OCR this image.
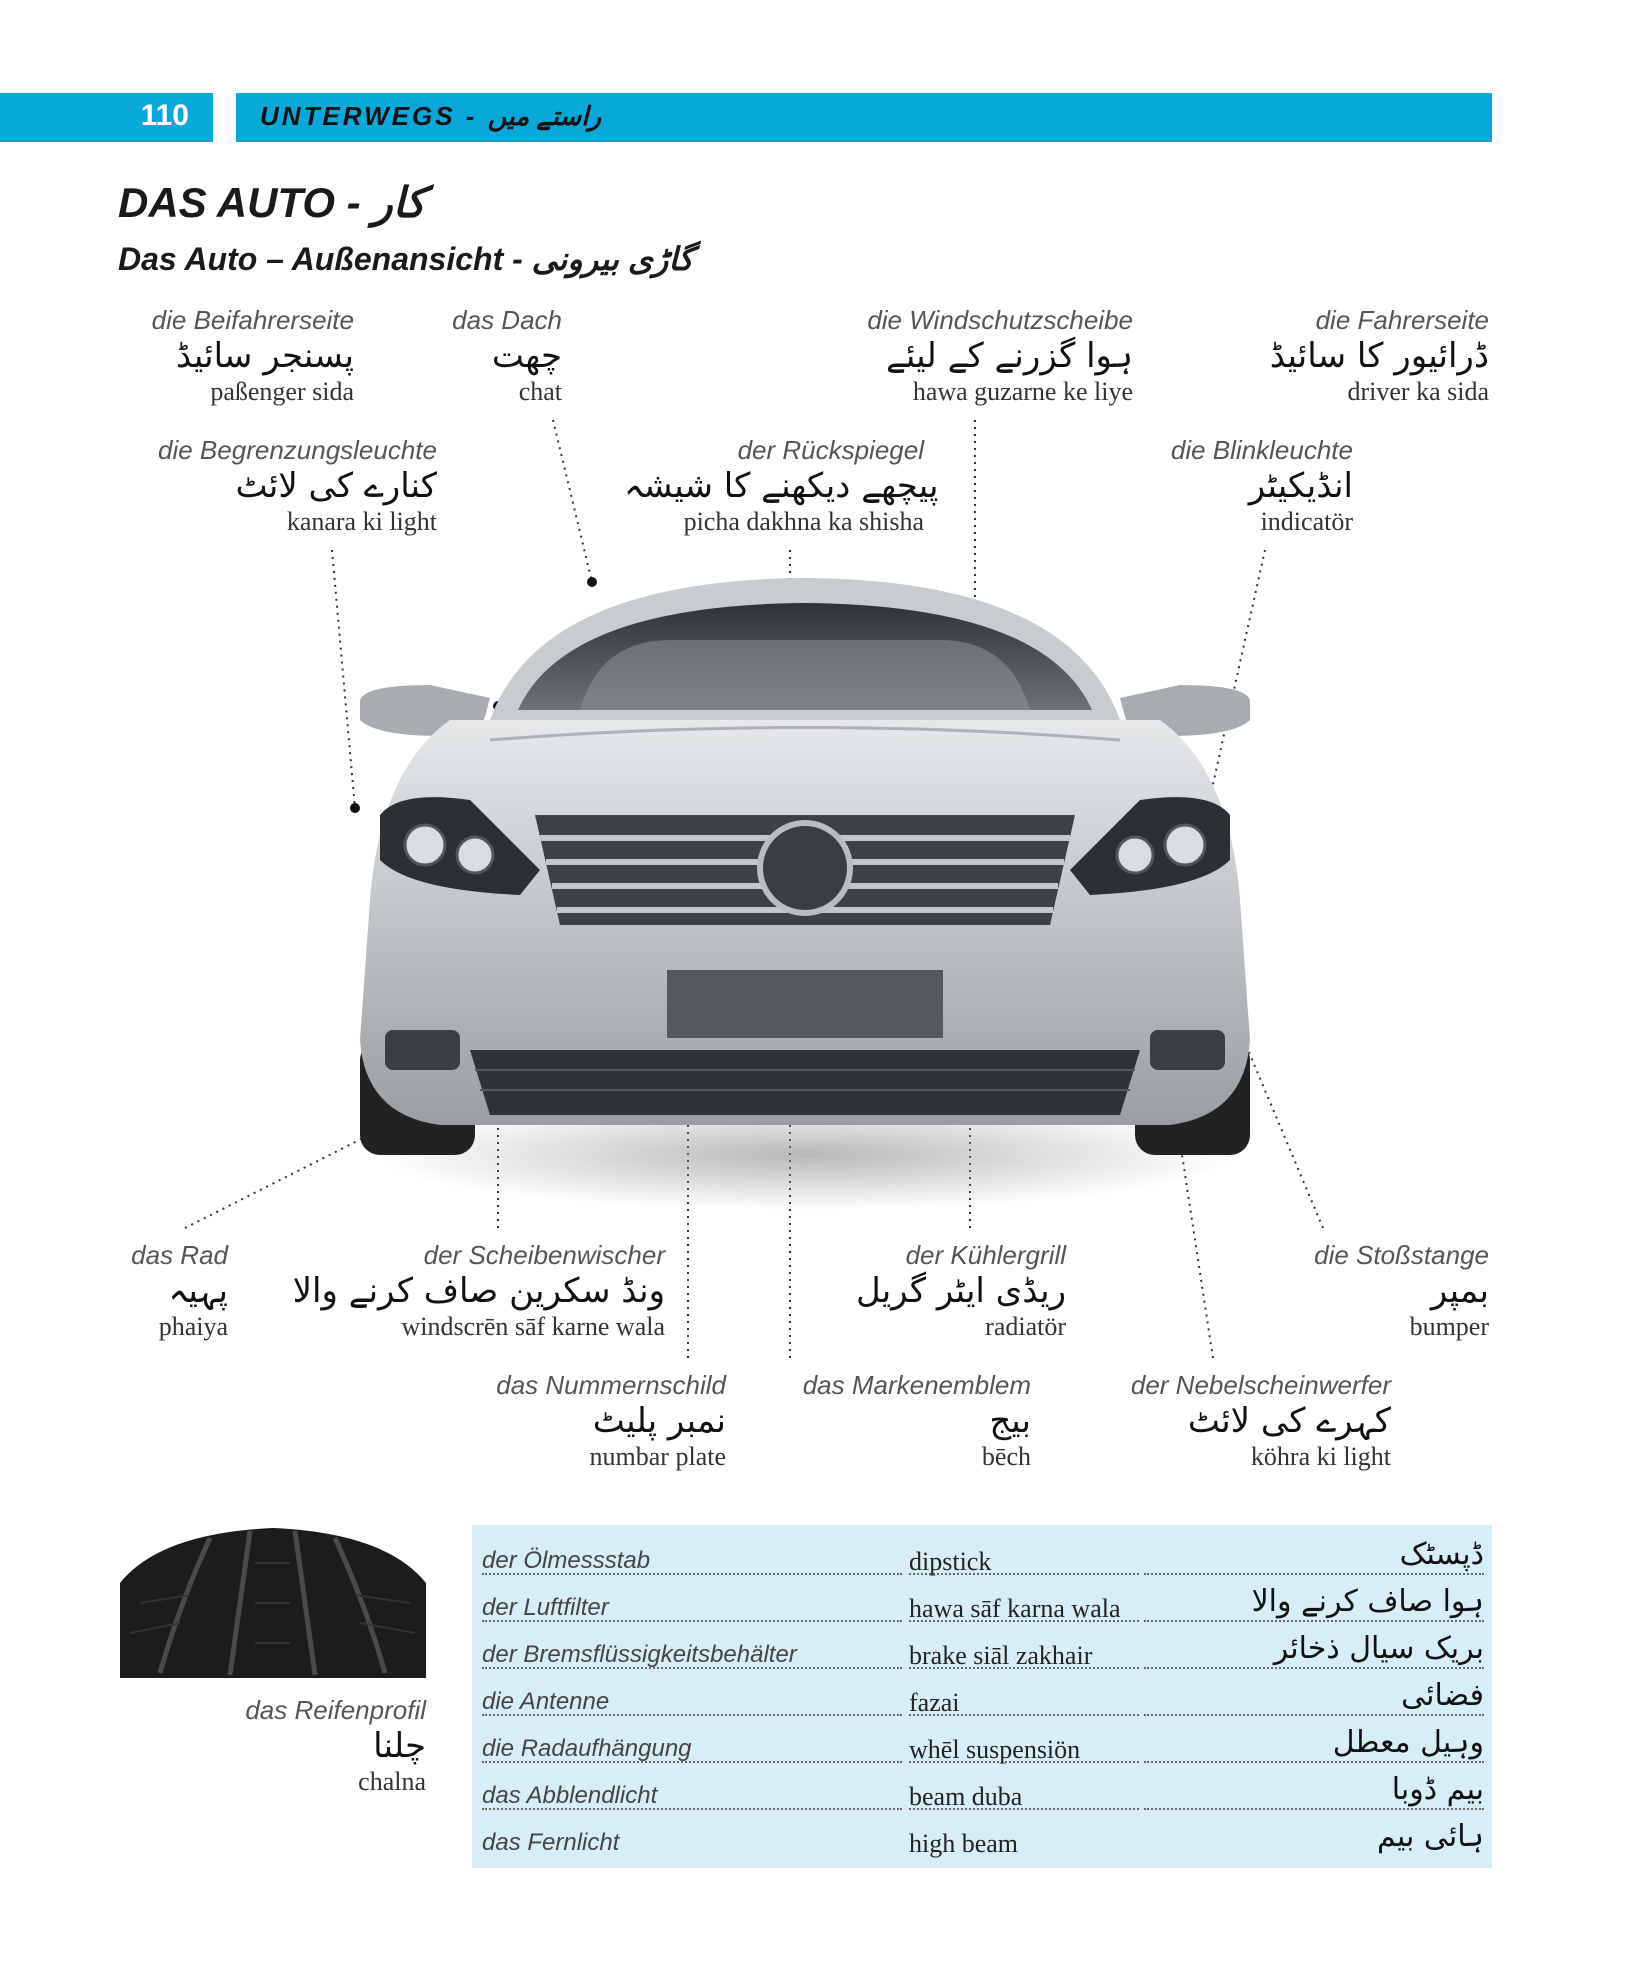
110	UNTERWEGS - راستے میں
DAS AUTO - کار
Das Auto – Außenansicht - گاڑی بیرونی
die Beifahrerseite
پسنجر سائیڈ
paßenger sida
das Dach
چھت
chat
die Windschutzscheibe
ہوا گزرنے کے لیئے
hawa guzarne ke liye
die Fahrerseite
ڈرائیور کا سائیڈ
driver ka sida
die Begrenzungsleuchte
کنارے کی لائٹ
kanara ki light
der Rückspiegel
پیچھے دیکھنے کا شیشہ
picha dakhna ka shisha
die Blinkleuchte
انڈیکیٹر
indicatör
das Rad
پہیہ
phaiya
der Scheibenwischer
ونڈ سکرین صاف کرنے والا
windscrēn sāf karne wala
der Kühlergrill
ریڈی ایٹر گریل
radiatör
die Stoßstange
بمپر
bumper
das Nummernschild
نمبر پلیٹ
numbar plate
das Markenemblem
بیج
bēch
der Nebelscheinwerfer
کہرے کی لائٹ
köhra ki light
das Reifenprofil
چلنا
chalna
der Ölmessstab	dipstick	ڈپسٹک
der Luftfilter	hawa sāf karna wala	ہوا صاف کرنے والا
der Bremsflüssigkeitsbehälter	brake siāl zakhair	بریک سیال ذخائر
die Antenne	fazai	فضائی
die Radaufhängung	whēl suspensiön	وہیل معطل
das Abblendlicht	beam duba	بیم ڈوبا
das Fernlicht	high beam	ہائی بیم
